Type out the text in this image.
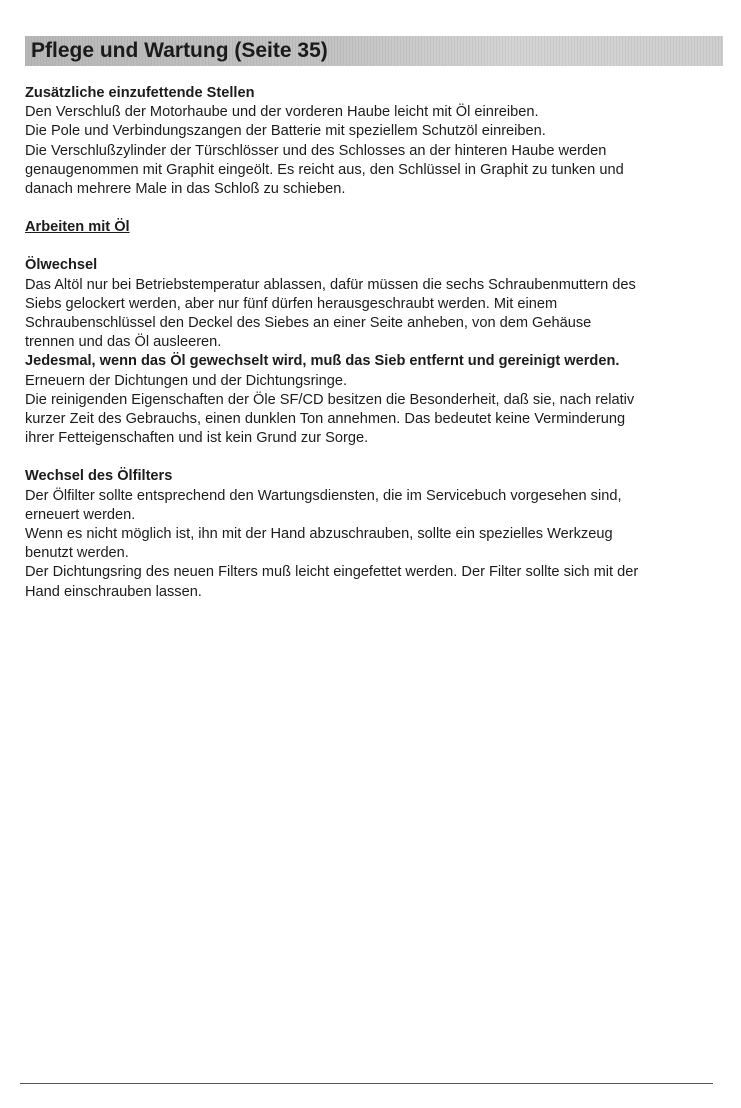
Pflege und Wartung (Seite 35)

Zusätzliche einzufettende Stellen

Den Verschluß der Motorhaube und der vorderen Haube leicht mit Öl einreiben.

Die Pole und Verbindungszangen der Batterie mit speziellem Schutzöl einreiben.

Die Verschlußzylinder der Türschlösser und des Schlosses an der hinteren Haube werden

genaugenommen mit Graphit eingeölt. Es reicht aus, den Schlüssel in Graphit zu tunken und

danach mehrere Male in das Schloß zu schieben.

Arbeiten mit Öl

Ölwechsel

Das Altöl nur bei Betriebstemperatur ablassen, dafür müssen die sechs Schraubenmuttern des

Siebs gelockert werden, aber nur fünf dürfen herausgeschraubt werden. Mit einem

Schraubenschlüssel den Deckel des Siebes an einer Seite anheben, von dem Gehäuse

trennen und das Öl ausleeren.

Jedesmal, wenn das Öl gewechselt wird, muß das Sieb entfernt und gereinigt werden.

Erneuern der Dichtungen und der Dichtungsringe.

Die reinigenden Eigenschaften der Öle SF/CD besitzen die Besonderheit, daß sie, nach relativ

kurzer Zeit des Gebrauchs, einen dunklen Ton annehmen. Das bedeutet keine Verminderung

ihrer Fetteigenschaften und ist kein Grund zur Sorge.

Wechsel des Ölfilters

Der Ölfilter sollte entsprechend den Wartungsdiensten, die im Servicebuch vorgesehen sind,

erneuert werden.

Wenn es nicht möglich ist, ihn mit der Hand abzuschrauben, sollte ein spezielles Werkzeug

benutzt werden.

Der Dichtungsring des neuen Filters muß leicht eingefettet werden. Der Filter sollte sich mit der

Hand einschrauben lassen.
